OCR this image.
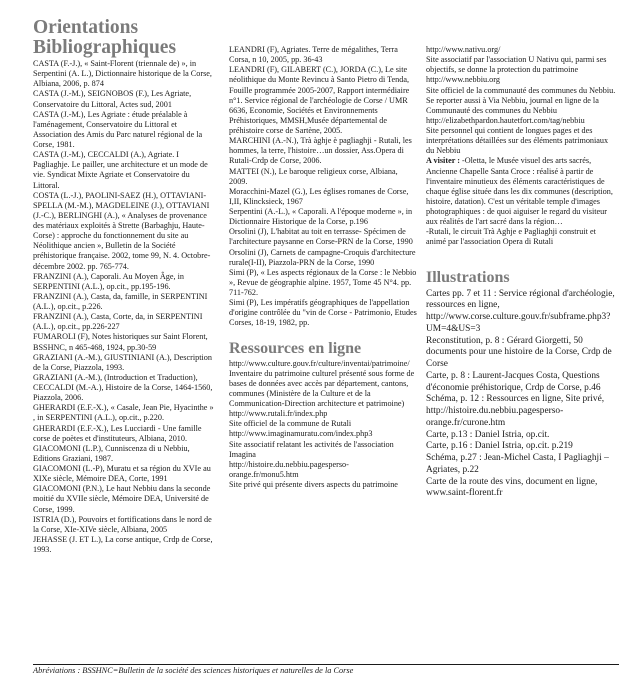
Orientations Bibliographiques

CASTA (F.-J.), « Saint-Florent (triennale de) », in Serpentini (A. L.), Dictionnaire historique de la Corse, Albiana, 2006, p. 874

CASTA (J.-M.), SEIGNOBOS (F.), Les Agriate, Conservatoire du Littoral, Actes sud, 2001

CASTA (J.-M.), Les Agriate : étude préalable à l'aménagement, Conservatoire du Littoral et Association des Amis du Parc naturel régional de la Corse, 1981.

CASTA (J.-M.), CECCALDI (A.), Agriate. I Pagliaghje. Le pailler, une architecture et un mode de vie. Syndicat Mixte Agriate et Conservatoire du Littoral.

COSTA (L.-J.), PAOLINI-SAEZ (H.), OTTAVIANI-SPELLA (M.-M.), MAGDELEINE (J.), OTTAVIANI (J.-C.), BERLINGHI (A.), « Analyses de provenance des matériaux exploités à Strette (Barbaghju, Haute-Corse) : approche du fonctionnement du site au Néolithique ancien », Bulletin de la Société préhistorique française. 2002, tome 99, N. 4. Octobre-décembre 2002. pp. 765-774.

FRANZINI (A.), Caporali. Au Moyen Âge, in SERPENTINI (A.L.), op.cit., pp.195-196.

FRANZINI (A.), Casta, da, famille, in SERPENTINI (A.L.), op.cit., p.226.

FRANZINI (A.), Casta, Corte, da, in SERPENTINI (A.L.), op.cit., pp.226-227

FUMAROLI (F), Notes historiques sur Saint Florent, BSSHNC, n 465-468, 1924, pp.30-59

GRAZIANI (A.-M.), GIUSTINIANI (A.), Description de la Corse, Piazzola, 1993.

GRAZIANI (A.-M.), (Introduction et Traduction), CECCALDI (M.-A.), Histoire de la Corse, 1464-1560, Piazzola, 2006.

GHERARDI (E.F.-X.), « Casale, Jean Pie, Hyacinthe » , in SERPENTINI (A.L.), op.cit., p.220.

GHERARDI (E.F.-X.), Les Lucciardi - Une famille corse de poètes et d'instituteurs, Albiana, 2010.

GIACOMONI (L.P.), Cunniscenza di u Nebbiu, Editions Graziani, 1987.

GIACOMONI (L.-P), Muratu et sa région du XVIe au XIXe siècle, Mémoire DEA, Corte, 1991

GIACOMONI (P.N.), Le haut Nebbiu dans la seconde moitié du XVIIe siècle, Mémoire DEA, Université de Corse, 1999.

ISTRIA (D.), Pouvoirs et fortifications dans le nord de la Corse, XIe-XIVe siècle, Albiana, 2005

JEHASSE (J. ET L.), La corse antique, Crdp de Corse, 1993.

LEANDRI (F), Agriates. Terre de mégalithes, Terra Corsa, n 10, 2005, pp. 36-43

LEANDRI (F), GILABERT (C.), JORDA (C.), Le site néolithique du Monte Revincu à Santo Pietro di Tenda, Fouille programmée 2005-2007, Rapport intermédiaire n°1. Service régional de l'archéologie de Corse / UMR 6636, Economie, Sociétés et Environnements Préhistoriques, MMSH,Musée départemental de préhistoire corse de Sartène, 2005.

MARCHINI (A.-N.), Trà àghje è pagliaghji - Rutali, les hommes, la terre, l'histoire…un dossier, Ass.Opera di Rutali-Crdp de Corse, 2006.

MATTEI (N.), Le baroque religieux corse, Albiana, 2009.

Moracchini-Mazel (G.), Les églises romanes de Corse, I,II, Klincksieck, 1967

Serpentini (A.-L.), « Caporali. A l'époque moderne », in Dictionnaire Historique de la Corse, p.196

Orsolini (J), L'habitat au toit en terrasse- Spécimen de l'architecture paysanne en Corse-PRN de la Corse, 1990

Orsolini (J), Carnets de campagne-Croquis d'architecture rurale(I-II), Piazzola-PRN de la Corse, 1990

Simi (P), « Les aspects régionaux de la Corse : le Nebbio », Revue de géographie alpine. 1957, Tome 45 N°4. pp. 711-762.

Simi (P), Les impératifs géographiques de l'appellation d'origine contrôlée du "vin de Corse - Patrimonio, Etudes Corses, 18-19, 1982, pp.

Ressources en ligne

http://www.culture.gouv.fr/culture/inventai/patrimoine/

Inventaire du patrimoine culturel présenté sous forme de bases de données avec accès par département, cantons, communes (Ministère de la Culture et de la Communication-Direction architecture et patrimoine)

http://www.rutali.fr/index.php

Site officiel de la commune de Rutali

http://www.imaginamuratu.com/index.php3

Site associatif relatant les activités de l'association Imagina

http://histoire.du.nebbiu.pagesperso-orange.fr/monu5.htm

Site privé qui présente divers aspects du patrimoine

http://www.nativu.org/

Site associatif par l'association U Nativu qui, parmi ses objectifs, se donne la protection du patrimoine

http://www.nebbiu.org

Site officiel de la communauté des communes du Nebbiu. Se reporter aussi à Via Nebbiu, journal en ligne de la Communauté des communes du Nebbiu

http://elizabethpardon.hautetfort.com/tag/nebbiu

Site personnel qui contient de longues pages et des interprétations détaillées sur des éléments patrimoniaux du Nebbiu

A visiter : -Oletta, le Musée visuel des arts sacrés, Ancienne Chapelle Santa Croce : réalisé à partir de l'inventaire minutieux des éléments caractéristiques de chaque église située dans les dix communes (description, histoire, datation). C'est un véritable temple d'images photographiques : de quoi aiguiser le regard du visiteur aux réalités de l'art sacré dans la région…

-Rutali, le circuit Trà Aghje e Pagliaghji construit et animé par l'association Opera di Rutali

Illustrations

Cartes pp. 7 et 11 : Service régional d'archéologie, ressources en ligne, http://www.corse.culture.gouv.fr/subframe.php3?UM=4&US=3

Reconstitution, p. 8 : Gérard Giorgetti, 50 documents pour une histoire de la Corse, Crdp de Corse

Carte, p. 8 : Laurent-Jacques Costa, Questions d'économie préhistorique, Crdp de Corse, p.46

Schéma, p. 12 : Ressources en ligne, Site privé, http://histoire.du.nebbiu.pagesperso-orange.fr/curone.htm

Carte, p.13 : Daniel Istria, op.cit.

Carte, p.16 : Daniel Istria, op.cit. p.219

Schéma, p.27 : Jean-Michel Casta, I Pagliaghji – Agriates, p.22

Carte de la route des vins, document en ligne, www.saint-florent.fr

Abréviations : BSSHNC=Bulletin de la société des sciences historiques et naturelles de la Corse
